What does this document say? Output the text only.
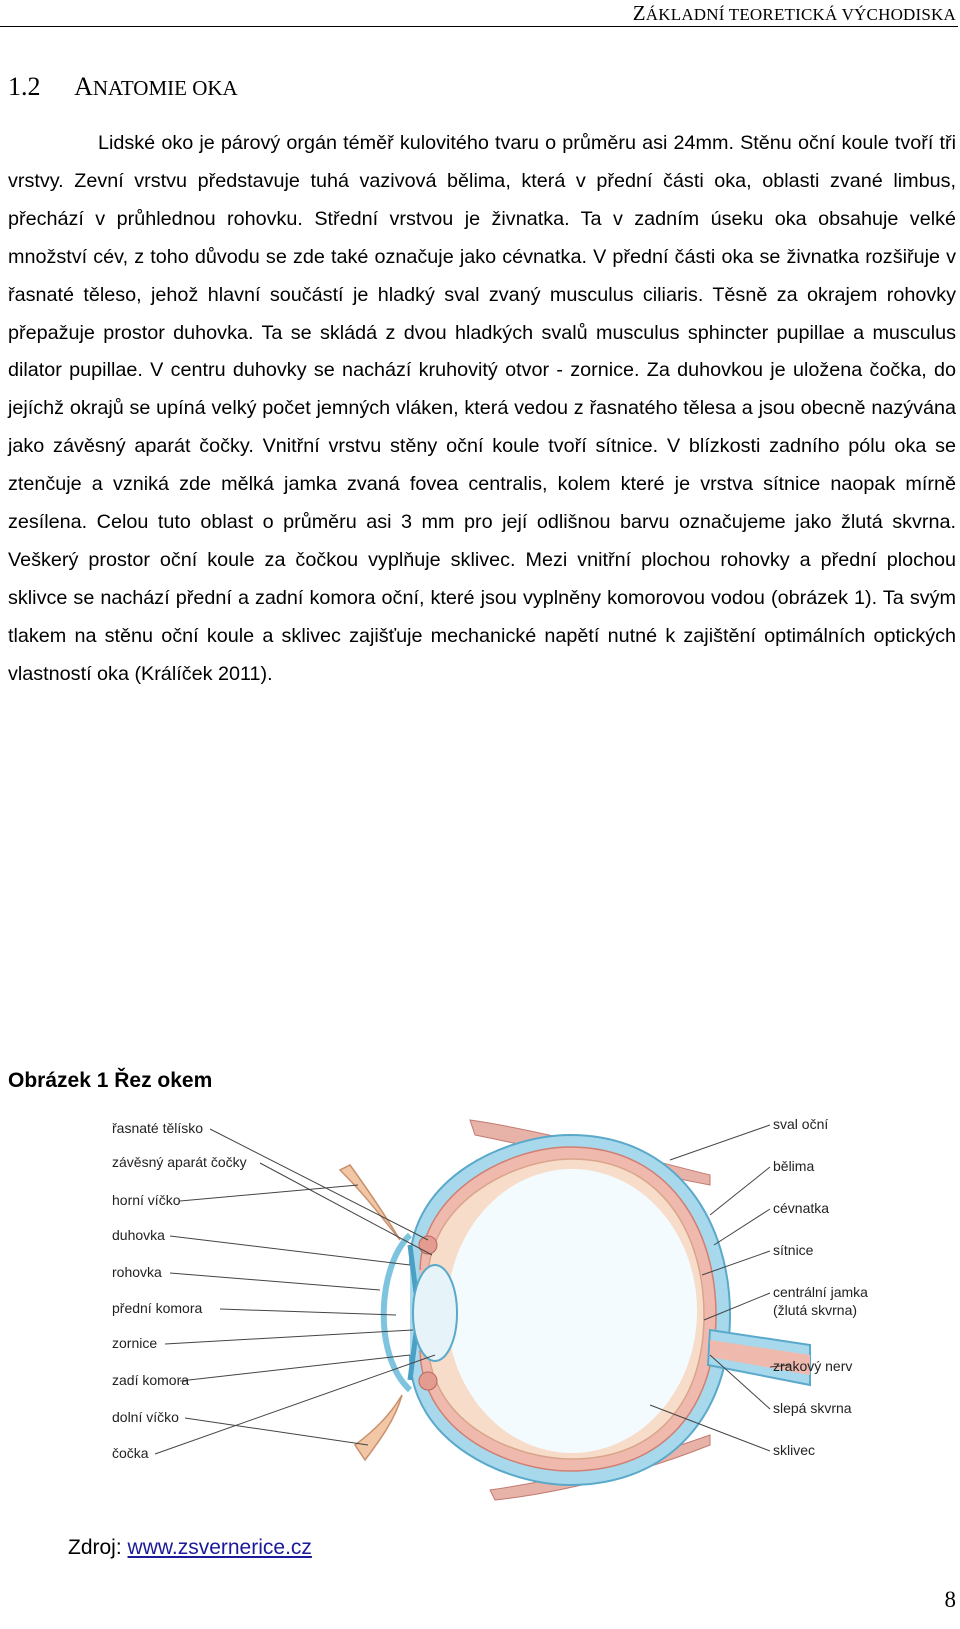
ZÁKLADNÍ TEORETICKÁ VÝCHODISKA
1.2 ANATOMIE OKA

Lidské oko je párový orgán téměř kulovitého tvaru o průměru asi 24mm. Stěnu oční koule tvoří tři vrstvy. Zevní vrstvu představuje tuhá vazivová bělima, která v přední části oka, oblasti zvané limbus, přechází v průhlednou rohovku. Střední vrstvou je živnatka. Ta v zadním úseku oka obsahuje velké množství cév, z toho důvodu se zde také označuje jako cévnatka. V přední části oka se živnatka rozšiřuje v řasnaté těleso, jehož hlavní součástí je hladký sval zvaný musculus ciliaris. Těsně za okrajem rohovky přepažuje prostor duhovka. Ta se skládá z dvou hladkých svalů musculus sphincter pupillae a musculus dilator pupillae. V centru duhovky se nachází kruhovitý otvor - zornice. Za duhovkou je uložena čočka, do jejíchž okrajů se upíná velký počet jemných vláken, která vedou z řasnatého tělesa a jsou obecně nazývána jako závěsný aparát čočky. Vnitřní vrstvu stěny oční koule tvoří sítnice. V blízkosti zadního pólu oka se ztenčuje a vzniká zde mělká jamka zvaná fovea centralis, kolem které je vrstva sítnice naopak mírně zesílena. Celou tuto oblast o průměru asi 3 mm pro její odlišnou barvu označujeme jako žlutá skvrna. Veškerý prostor oční koule za čočkou vyplňuje sklivec. Mezi vnitřní plochou rohovky a přední plochou sklivce se nachází přední a zadní komora oční, které jsou vyplněny komorovou vodou (obrázek 1). Ta svým tlakem na stěnu oční koule a sklivec zajišťuje mechanické napětí nutné k zajištění optimálních optických vlastností oka (Králíček 2011).

Obrázek 1 Řez okem
řasnaté tělísko
závěsný aparát čočky
horní víčko
duhovka
rohovka
přední komora
zornice
zadí komora
dolní víčko
čočka
sval oční
bělima
cévnatka
sítnice
centrální jamka
(žlutá skvrna)
zrakový nerv
slepá skvrna
sklivec
Zdroj: www.zsvernerice.cz
8
